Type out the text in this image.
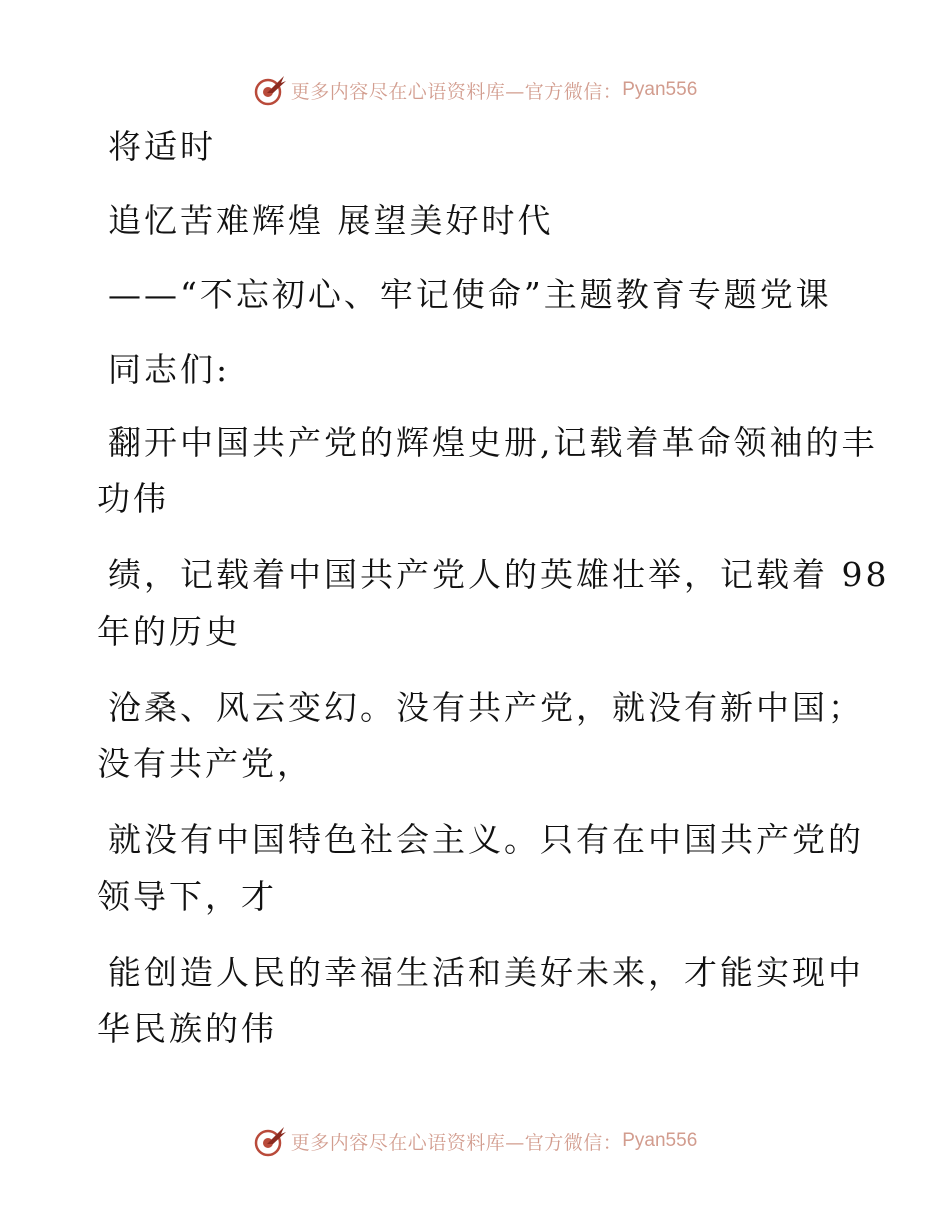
更多内容尽在心语资料库—官方微信： Pyan556
将适时
追忆苦难辉煌 展望美好时代
——“不忘初心、牢记使命”主题教育专题党课
同志们:
翻开中国共产党的辉煌史册,记载着革命领袖的丰
功伟
绩，记载着中国共产党人的英雄壮举，记载着 98
年的历史
沧桑、风云变幻。没有共产党，就没有新中国；
没有共产党，
就没有中国特色社会主义。只有在中国共产党的
领导下，才
能创造人民的幸福生活和美好未来，才能实现中
华民族的伟
更多内容尽在心语资料库—官方微信： Pyan556
